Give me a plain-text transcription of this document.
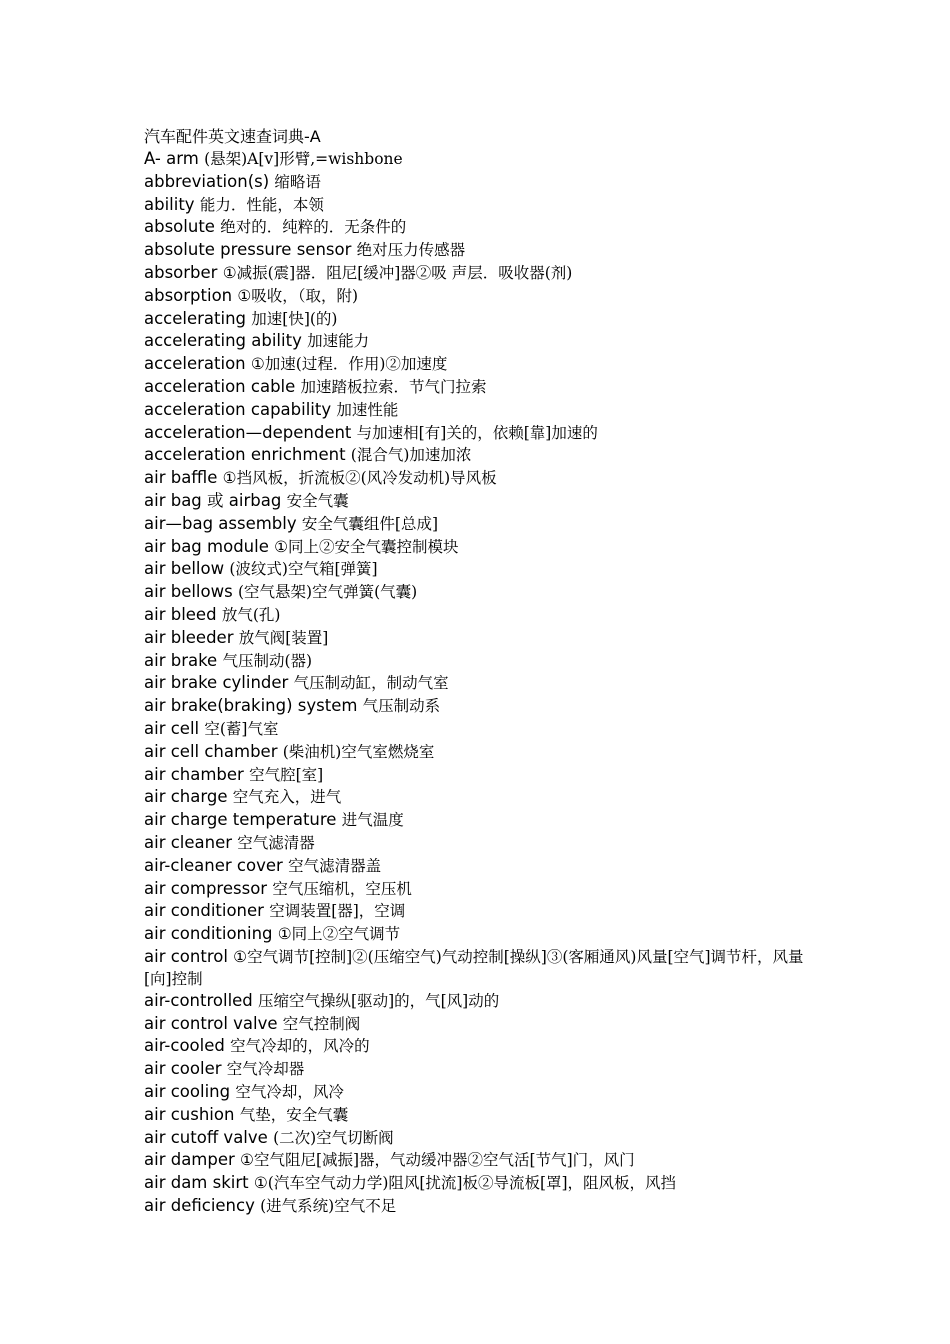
汽车配件英文速查词典-A
A- arm (悬架)A[v]形臂,=wishbone
abbreviation(s) 缩略语
ability 能力．性能，本领
absolute 绝对的．纯粹的．无条件的
absolute pressure sensor 绝对压力传感器
absorber ①减振(震]器．阻尼[缓冲]器②吸 声层．吸收器(剂)
absorption ①吸收，（取，附)
accelerating 加速[快](的)
accelerating ability 加速能力
acceleration ①加速(过程．作用)②加速度
acceleration cable 加速踏板拉索．节气门拉索
acceleration capability 加速性能
acceleration—dependent 与加速相[有]关的，依赖[靠]加速的
acceleration enrichment (混合气)加速加浓
air baffle ①挡风板，折流板②(风冷发动机)导风板
air bag 或 airbag 安全气囊
air—bag assembly 安全气囊组件[总成]
air bag module ①同上②安全气囊控制模块
air bellow (波纹式)空气箱[弹簧]
air bellows (空气悬架)空气弹簧(气囊)
air bleed 放气(孔)
air bleeder 放气阀[装置]
air brake 气压制动(器)
air brake cylinder 气压制动缸，制动气室
air brake(braking) system 气压制动系
air cell 空(蓄]气室
air cell chamber (柴油机)空气室燃烧室
air chamber 空气腔[室]
air charge 空气充入，进气
air charge temperature 进气温度
air cleaner 空气滤清器
air-cleaner cover 空气滤清器盖
air compressor 空气压缩机，空压机
air conditioner 空调装置[器]，空调
air conditioning ①同上②空气调节
air control ①空气调节[控制]②(压缩空气)气动控制[操纵]③(客厢通风)风量[空气]调节杆，风量[向]控制
air-controlled 压缩空气操纵[驱动]的，气[风]动的
air control valve 空气控制阀
air-cooled 空气冷却的，风冷的
air cooler 空气冷却器
air cooling 空气冷却，风冷
air cushion 气垫，安全气囊
air cutoff valve (二次)空气切断阀
air damper ①空气阻尼[减振]器，气动缓冲器②空气活[节气]门，风门
air dam skirt ①(汽车空气动力学)阻风[扰流]板②导流板[罩]，阻风板，风挡
air deficiency (进气系统)空气不足
